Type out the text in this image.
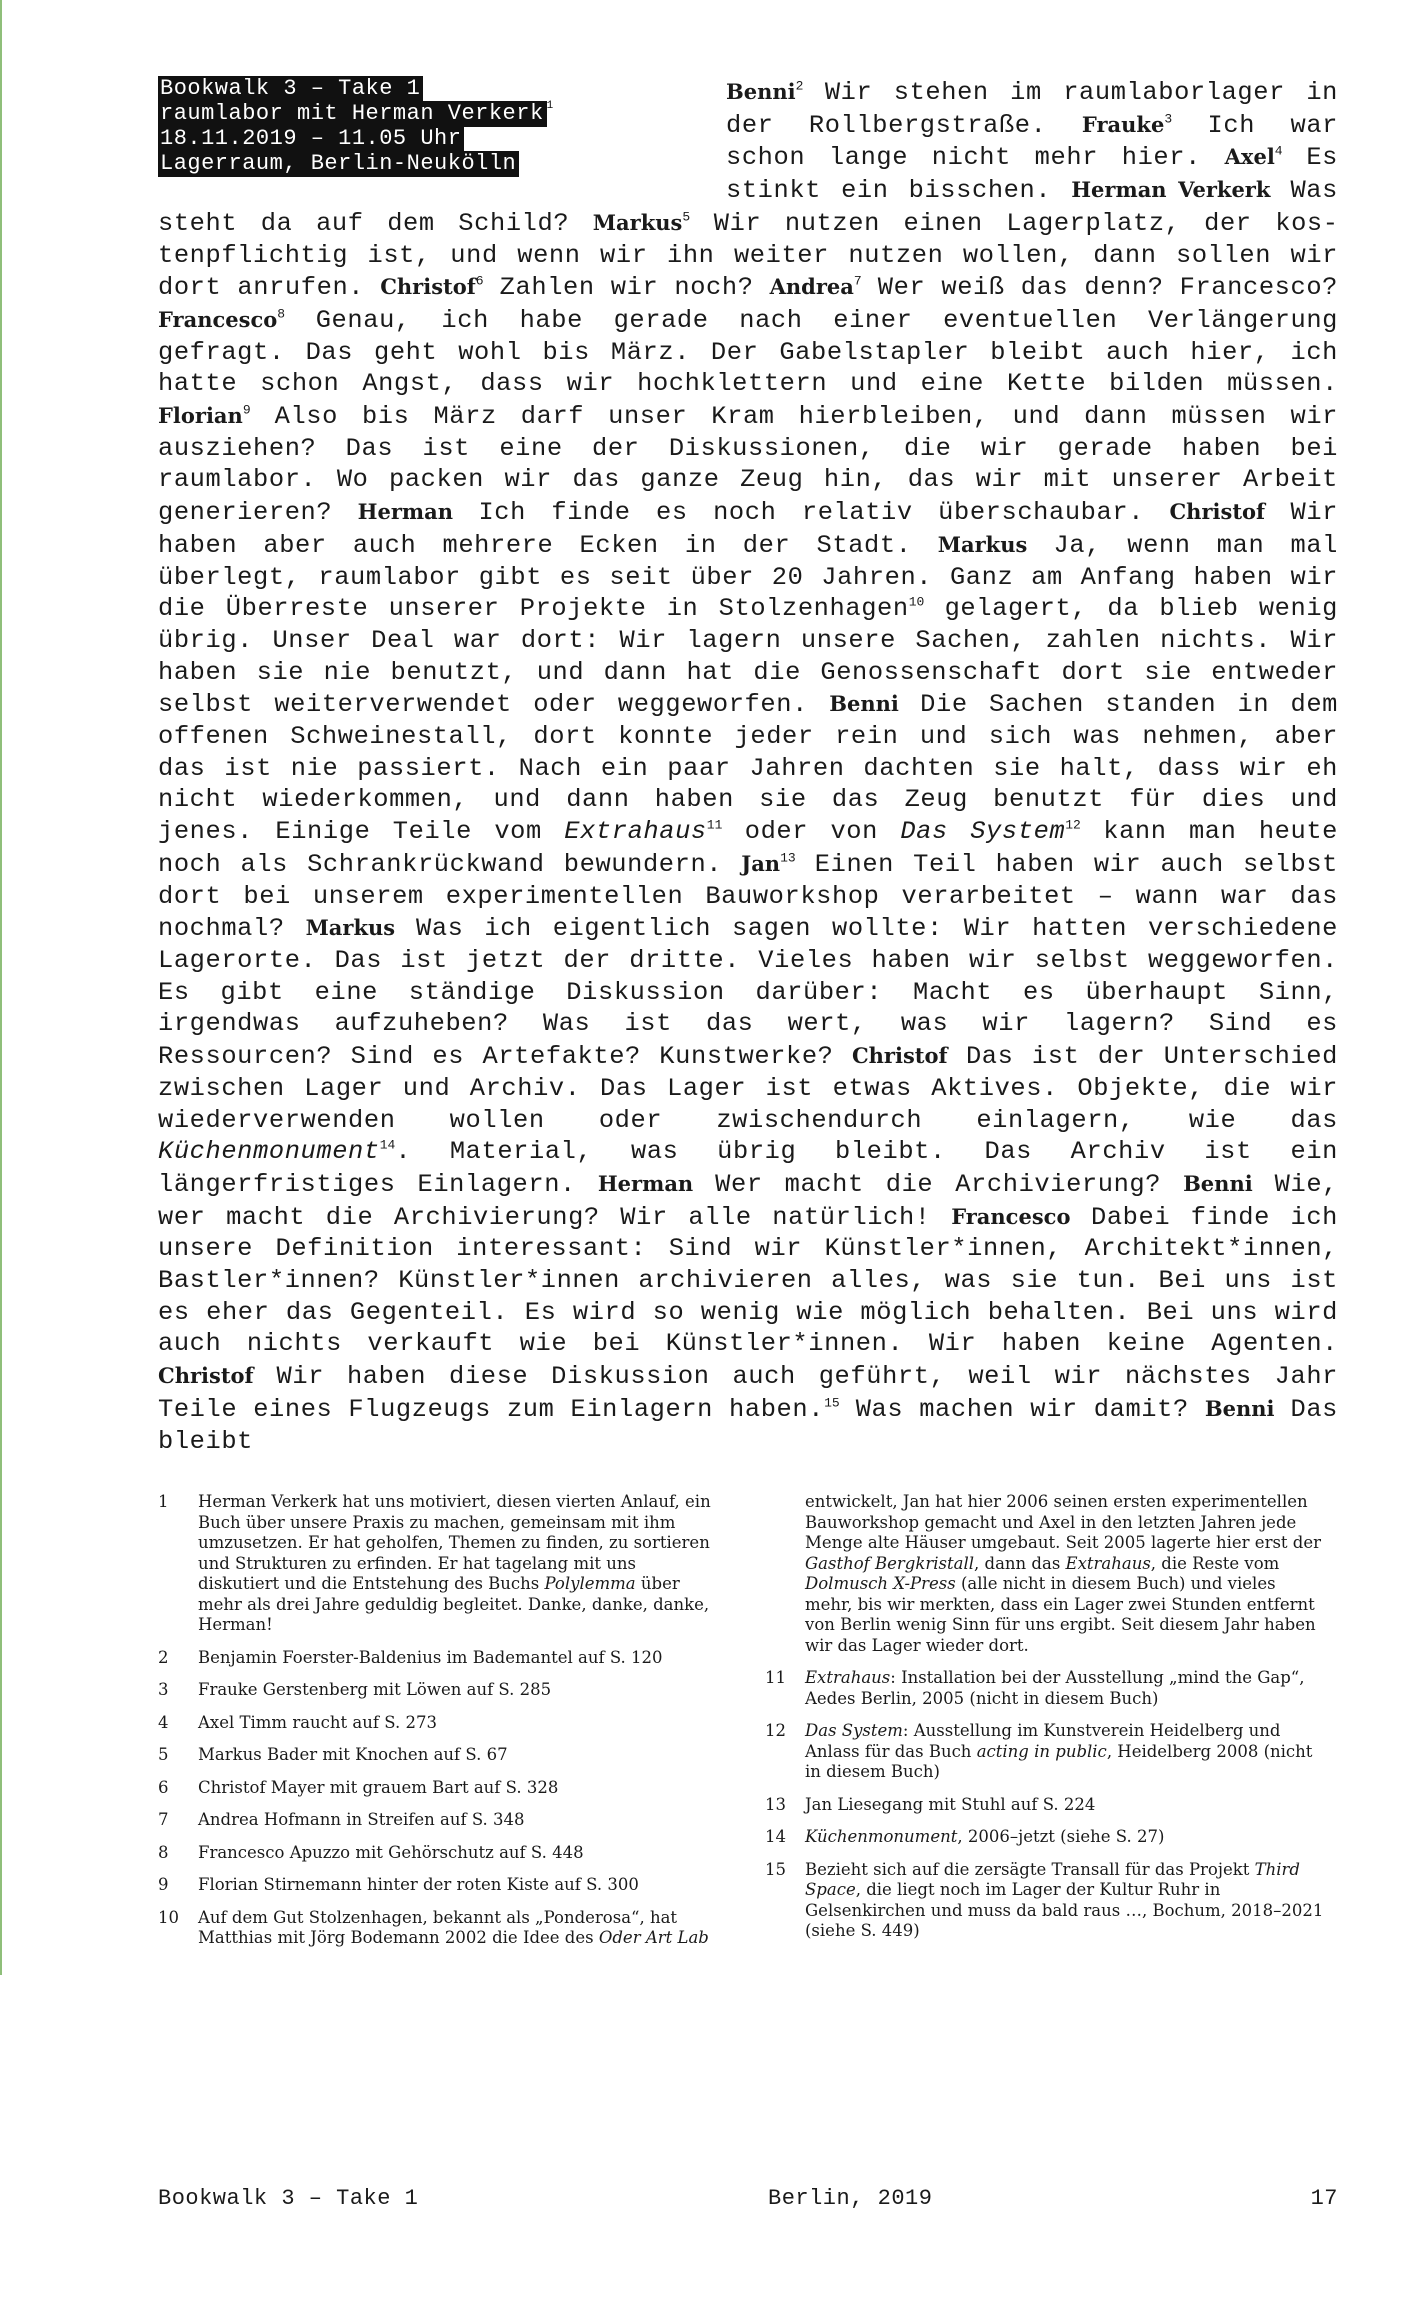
Bookwalk 3 – Take 1
raumlabor mit Herman Verkerk $^1$
18.11.2019 – 11.05 Uhr
Lagerraum, Berlin-Neukölln
Benni$^2$ Wir stehen im raumlaborlager in der Rollbergstraße. Frauke$^3$ Ich war schon lange nicht mehr hier. Axel$^4$ Es stinkt ein bisschen. Herman Verkerk Was steht da auf dem Schild? Markus$^5$ Wir nutzen einen Lagerplatz, der kostenpflichtig ist, und wenn wir ihn weiter nutzen wollen, dann sollen wir dort anrufen. Christof$^6$ Zahlen wir noch? Andrea$^7$ Wer weiß das denn? Francesco? Francesco$^8$ Genau, ich habe gerade nach einer eventuellen Verlängerung gefragt. Das geht wohl bis März. Der Gabelstapler bleibt auch hier, ich hatte schon Angst, dass wir hochklettern und eine Kette bilden müssen. Florian$^9$ Also bis März darf unser Kram hierbleiben, und dann müssen wir ausziehen? Das ist eine der Diskussionen, die wir gerade haben bei raumlabor. Wo packen wir das ganze Zeug hin, das wir mit unserer Arbeit generieren? Herman Ich finde es noch relativ überschaubar. Christof Wir haben aber auch mehrere Ecken in der Stadt. Markus Ja, wenn man mal überlegt, raumlabor gibt es seit über 20 Jahren. Ganz am Anfang haben wir die Überreste unserer Projekte in Stolzenhagen$^{10}$ gelagert, da blieb wenig übrig. Unser Deal war dort: Wir lagern unsere Sachen, zahlen nichts. Wir haben sie nie benutzt, und dann hat die Genossenschaft dort sie entweder selbst weiterverwendet oder weggeworfen. Benni Die Sachen standen in dem offenen Schweinestall, dort konnte jeder rein und sich was nehmen, aber das ist nie passiert. Nach ein paar Jahren dachten sie halt, dass wir eh nicht wiederkommen, und dann haben sie das Zeug benutzt für dies und jenes. Einige Teile vom Extrahaus$^{11}$ oder von Das System$^{12}$ kann man heute noch als Schrankrückwand bewundern. Jan$^{13}$ Einen Teil haben wir auch selbst dort bei unserem experimentellen Bauworkshop verarbeitet – wann war das nochmal? Markus Was ich eigentlich sagen wollte: Wir hatten verschiedene Lagerorte. Das ist jetzt der dritte. Vieles haben wir selbst weggeworfen. Es gibt eine ständige Diskussion darüber: Macht es überhaupt Sinn, irgendwas aufzuheben? Was ist das wert, was wir lagern? Sind es Ressourcen? Sind es Artefakte? Kunstwerke? Christof Das ist der Unterschied zwischen Lager und Archiv. Das Lager ist etwas Aktives. Objekte, die wir wiederverwenden wollen oder zwischendurch einlagern, wie das Küchenmonument$^{14}$. Material, was übrig bleibt. Das Archiv ist ein längerfristiges Einlagern. Herman Wer macht die Archivierung? Benni Wie, wer macht die Archivierung? Wir alle natürlich! Francesco Dabei finde ich unsere Definition interessant: Sind wir Künstler*innen, Architekt*innen, Bastler*innen? Künstler*innen archivieren alles, was sie tun. Bei uns ist es eher das Gegenteil. Es wird so wenig wie möglich behalten. Bei uns wird auch nichts verkauft wie bei Künstler*innen. Wir haben keine Agenten. Christof Wir haben diese Diskussion auch geführt, weil wir nächstes Jahr Teile eines Flugzeugs zum Einlagern haben.$^{15}$ Was machen wir damit? Benni Das bleibt
1 Herman Verkerk hat uns motiviert, diesen vierten Anlauf, ein Buch über unsere Praxis zu machen, gemeinsam mit ihm umzusetzen. Er hat geholfen, Themen zu finden, zu sortieren und Strukturen zu erfinden. Er hat tagelang mit uns diskutiert und die Entstehung des Buchs Polylemma über mehr als drei Jahre geduldig begleitet. Danke, danke, danke, Herman!
2 Benjamin Foerster-Baldenius im Bademantel auf S. 120
3 Frauke Gerstenberg mit Löwen auf S. 285
4 Axel Timm raucht auf S. 273
5 Markus Bader mit Knochen auf S. 67
6 Christof Mayer mit grauem Bart auf S. 328
7 Andrea Hofmann in Streifen auf S. 348
8 Francesco Apuzzo mit Gehörschutz auf S. 448
9 Florian Stirnemann hinter der roten Kiste auf S. 300
10 Auf dem Gut Stolzenhagen, bekannt als „Ponderosa“, hat Matthias mit Jörg Bodemann 2002 die Idee des Oder Art Lab
entwickelt, Jan hat hier 2006 seinen ersten experimentellen Bauworkshop gemacht und Axel in den letzten Jahren jede Menge alte Häuser umgebaut. Seit 2005 lagerte hier erst der Gasthof Bergkristall, dann das Extrahaus, die Reste vom Dolmusch X-Press (alle nicht in diesem Buch) und vieles mehr, bis wir merkten, dass ein Lager zwei Stunden entfernt von Berlin wenig Sinn für uns ergibt. Seit diesem Jahr haben wir das Lager wieder dort.
11 Extrahaus: Installation bei der Ausstellung „mind the Gap“, Aedes Berlin, 2005 (nicht in diesem Buch)
12 Das System: Ausstellung im Kunstverein Heidelberg und Anlass für das Buch acting in public, Heidelberg 2008 (nicht in diesem Buch)
13 Jan Liesegang mit Stuhl auf S. 224
14 Küchenmonument, 2006–jetzt (siehe S. 27)
15 Bezieht sich auf die zersägte Transall für das Projekt Third Space, die liegt noch im Lager der Kultur Ruhr in Gelsenkirchen und muss da bald raus …, Bochum, 2018–2021 (siehe S. 449)
Bookwalk 3 – Take 1	Berlin, 2019	17
